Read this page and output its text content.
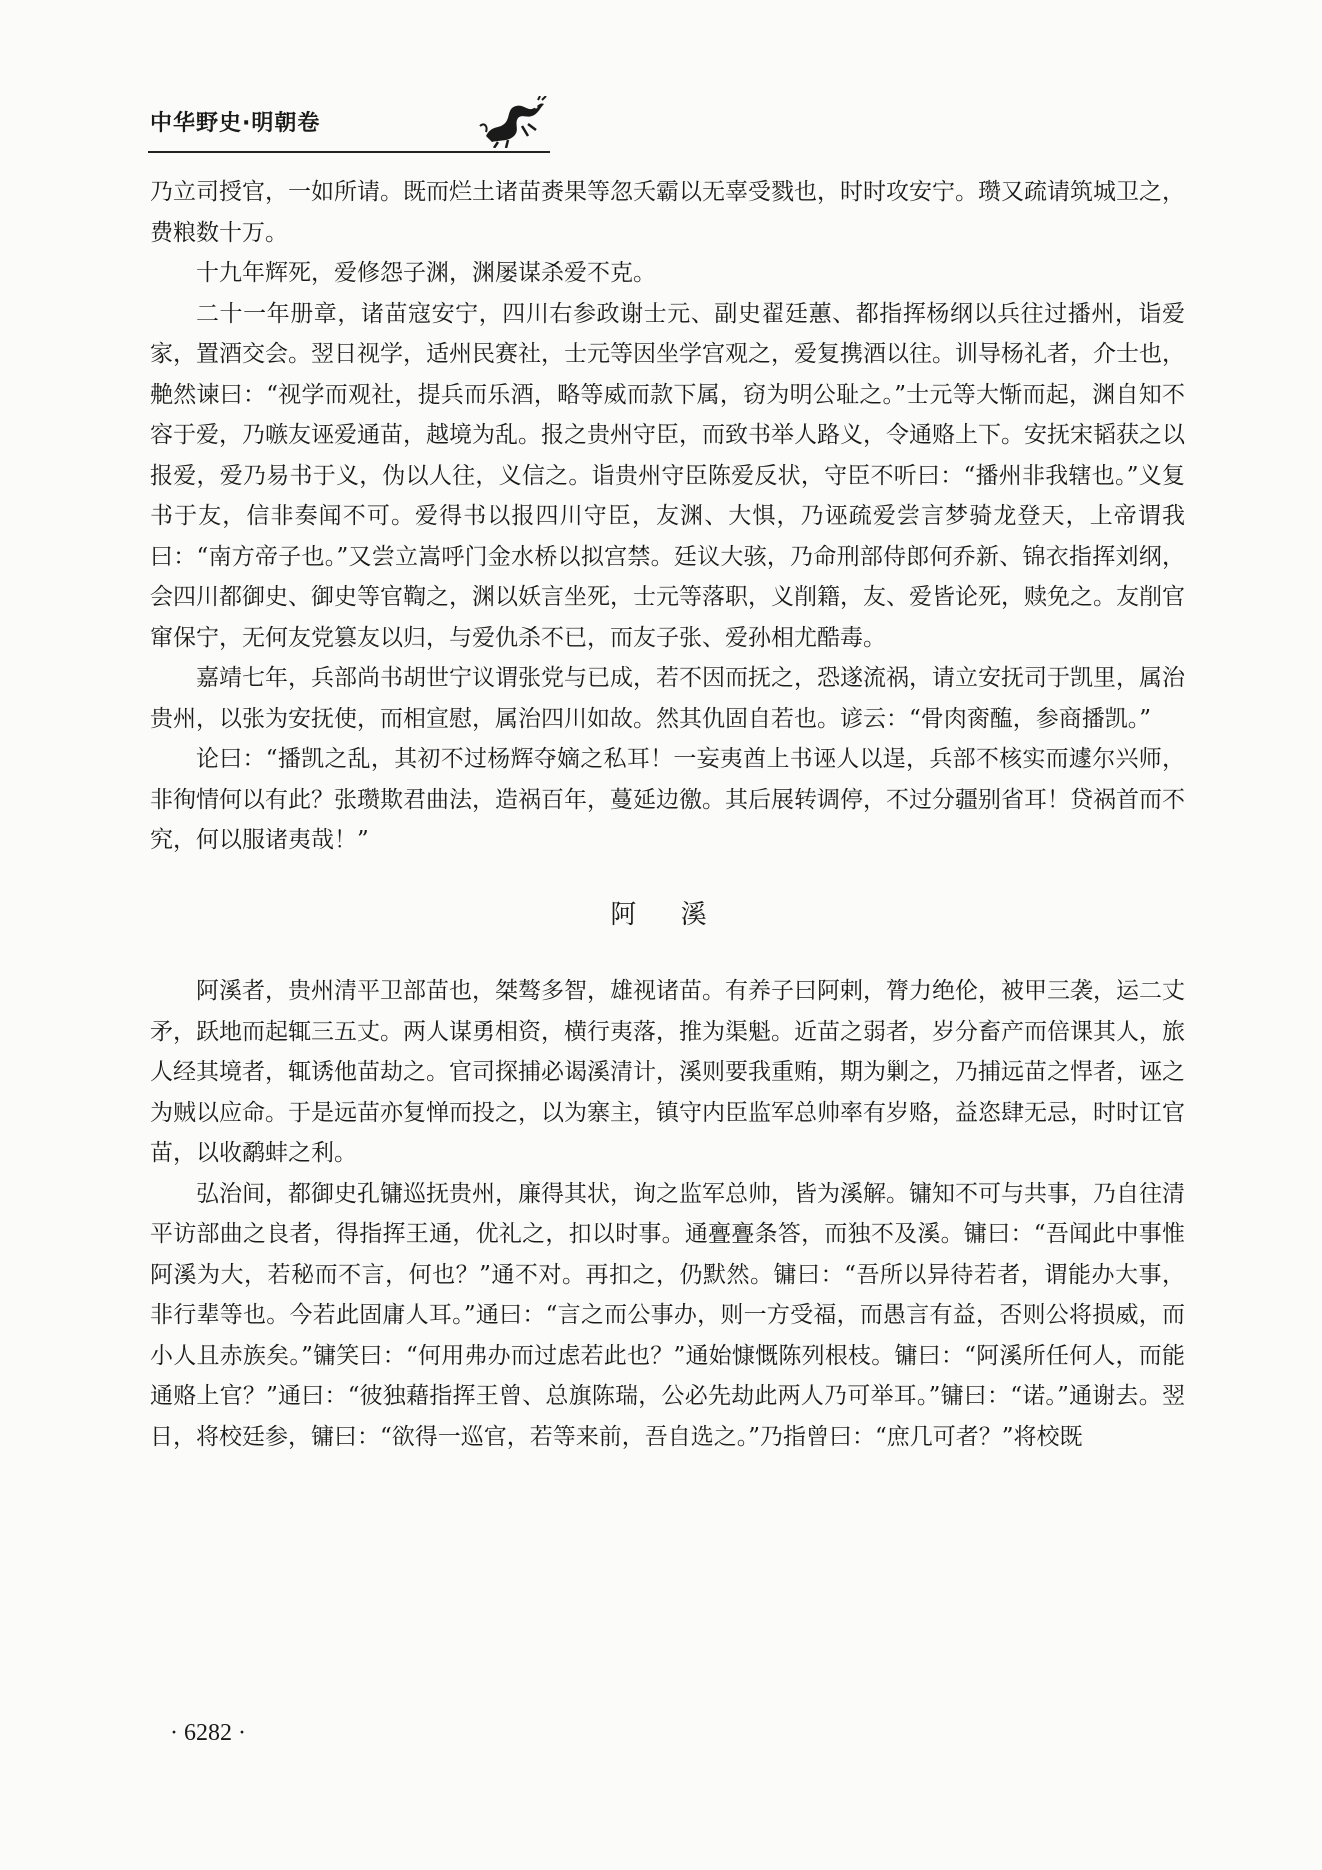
中华野史·明朝卷

乃立司授官，一如所请。既而烂土诸苗赉果等忽夭霸以无辜受戮也，时时攻安宁。瓒又疏请筑城卫之，费粮数十万。

十九年辉死，爱修怨子渊，渊屡谋杀爱不克。

二十一年册章，诸苗寇安宁，四川右参政谢士元、副史翟廷蕙、都指挥杨纲以兵往过播州，诣爱家，置酒交会。翌日视学，适州民赛社，士元等因坐学宫观之，爱复携酒以往。训导杨礼者，介士也，艴然谏曰：“视学而观社，提兵而乐酒，略等威而款下属，窃为明公耻之。”士元等大惭而起，渊自知不容于爱，乃嗾友诬爱通苗，越境为乱。报之贵州守臣，而致书举人路义，令通赂上下。安抚宋韬获之以报爱，爱乃易书于义，伪以人往，义信之。诣贵州守臣陈爱反状，守臣不听曰：“播州非我辖也。”义复书于友，信非奏闻不可。爱得书以报四川守臣，友渊、大惧，乃诬疏爱尝言梦骑龙登天，上帝谓我曰：“南方帝子也。”又尝立嵩呼门金水桥以拟宫禁。廷议大骇，乃命刑部侍郎何乔新、锦衣指挥刘纲，会四川都御史、御史等官鞫之，渊以妖言坐死，士元等落职，义削籍，友、爱皆论死，赎免之。友削官窜保宁，无何友党篡友以归，与爱仇杀不已，而友子张、爱孙相尤酷毒。

嘉靖七年，兵部尚书胡世宁议谓张党与已成，若不因而抚之，恐遂流祸，请立安抚司于凯里，属治贵州，以张为安抚使，而相宣慰，属治四川如故。然其仇固自若也。谚云：“骨肉脔醢，参商播凯。”

论曰：“播凯之乱，其初不过杨辉夺嫡之私耳！一妄夷酋上书诬人以逞，兵部不核实而遽尔兴师，非徇情何以有此？张瓒欺君曲法，造祸百年，蔓延边徼。其后展转调停，不过分疆别省耳！贷祸首而不究，何以服诸夷哉！”

阿 溪

阿溪者，贵州清平卫部苗也，桀骜多智，雄视诸苗。有养子曰阿剌，膂力绝伦，被甲三袭，运二丈矛，跃地而起辄三五丈。两人谋勇相资，横行夷落，推为渠魁。近苗之弱者，岁分畜产而倍课其人，旅人经其境者，辄诱他苗劫之。官司探捕必谒溪清计，溪则要我重贿，期为剿之，乃捕远苗之悍者，诬之为贼以应命。于是远苗亦复惮而投之，以为寨主，镇守内臣监军总帅率有岁赂，益恣肆无忌，时时讧官苗，以收鹬蚌之利。

弘治间，都御史孔镛巡抚贵州，廉得其状，询之监军总帅，皆为溪解。镛知不可与共事，乃自往清平访部曲之良者，得指挥王通，优礼之，扣以时事。通亹亹条答，而独不及溪。镛曰：“吾闻此中事惟阿溪为大，若秘而不言，何也？”通不对。再扣之，仍默然。镛曰：“吾所以异待若者，谓能办大事，非行辈等也。今若此固庸人耳。”通曰：“言之而公事办，则一方受福，而愚言有益，否则公将损威，而小人且赤族矣。”镛笑曰：“何用弗办而过虑若此也？”通始慷慨陈列根枝。镛曰：“阿溪所任何人，而能通赂上官？”通曰：“彼独藉指挥王曾、总旗陈瑞，公必先劫此两人乃可举耳。”镛曰：“诺。”通谢去。翌日，将校廷参，镛曰：“欲得一巡官，若等来前，吾自选之。”乃指曾曰：“庶几可者？”将校既

· 6282 ·
